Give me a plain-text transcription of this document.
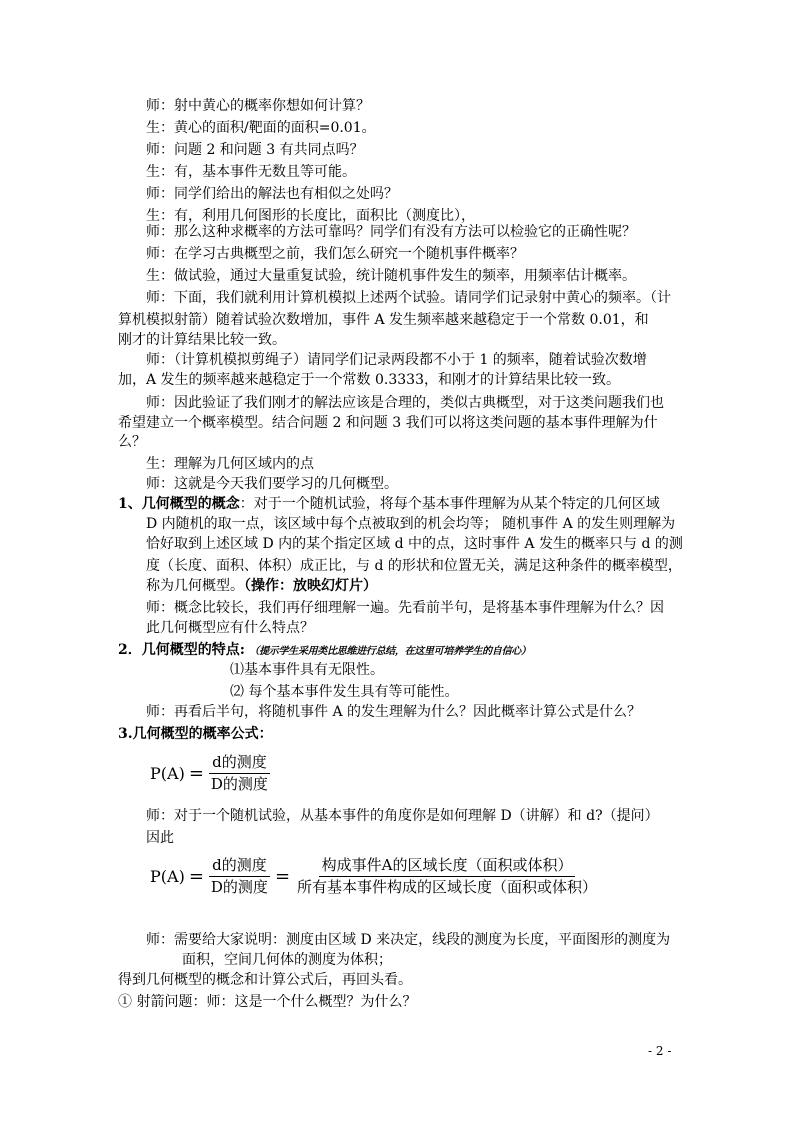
师：射中黄心的概率你想如何计算？
生：黄心的面积/靶面的面积=0.01。
师：问题 2 和问题 3 有共同点吗？
生：有，基本事件无数且等可能。
师：同学们给出的解法也有相似之处吗？
生：有，利用几何图形的长度比，面积比（测度比），
师：那么这种求概率的方法可靠吗？同学们有没有方法可以检验它的正确性呢？
师：在学习古典概型之前，我们怎么研究一个随机事件概率？
生：做试验，通过大量重复试验，统计随机事件发生的频率，用频率估计概率。
师：下面，我们就利用计算机模拟上述两个试验。请同学们记录射中黄心的频率。（计
算机模拟射箭）随着试验次数增加，事件 A 发生频率越来越稳定于一个常数 0.01，和
刚才的计算结果比较一致。
师：（计算机模拟剪绳子）请同学们记录两段都不小于 1 的频率，随着试验次数增
加，A 发生的频率越来越稳定于一个常数 0.3333，和刚才的计算结果比较一致。
师：因此验证了我们刚才的解法应该是合理的，类似古典概型，对于这类问题我们也
希望建立一个概率模型。结合问题 2 和问题 3 我们可以将这类问题的基本事件理解为什
么？
生：理解为几何区域内的点
师：这就是今天我们要学习的几何概型。
1、几何概型的概念：对于一个随机试验，将每个基本事件理解为从某个特定的几何区域
D 内随机的取一点，该区域中每个点被取到的机会均等； 随机事件 A 的发生则理解为
恰好取到上述区域 D 内的某个指定区域 d 中的点，这时事件 A 发生的概率只与 d 的测
度（长度、面积、体积）成正比，与 d 的形状和位置无关，满足这种条件的概率模型，
称为几何概型。（操作：放映幻灯片）
师：概念比较长，我们再仔细理解一遍。先看前半句，是将基本事件理解为什么？因
此几何概型应有什么特点？
2．几何概型的特点: （提示学生采用类比思维进行总结，在这里可培养学生的自信心）
⑴基本事件具有无限性。
⑵ 每个基本事件发生具有等可能性。
师：再看后半句，将随机事件 A 的发生理解为什么？因此概率计算公式是什么？
3.几何概型的概率公式：
$P(A) = \frac{\text{d的测度}}{\text{D的测度}}$
师：对于一个随机试验，从基本事件的角度你是如何理解 D（讲解）和 d?（提问）
因此
$P(A) = \frac{\text{d的测度}}{\text{D的测度}} = \frac{\text{构成事件A的区域长度（面积或体积）}}{\text{所有基本事件构成的区域长度（面积或体积）}}$
师：需要给大家说明：测度由区域 D 来决定，线段的测度为长度，平面图形的测度为
面积，空间几何体的测度为体积；
得到几何概型的概念和计算公式后，再回头看。
① 射箭问题：师：这是一个什么概型？为什么？
- 2 -
